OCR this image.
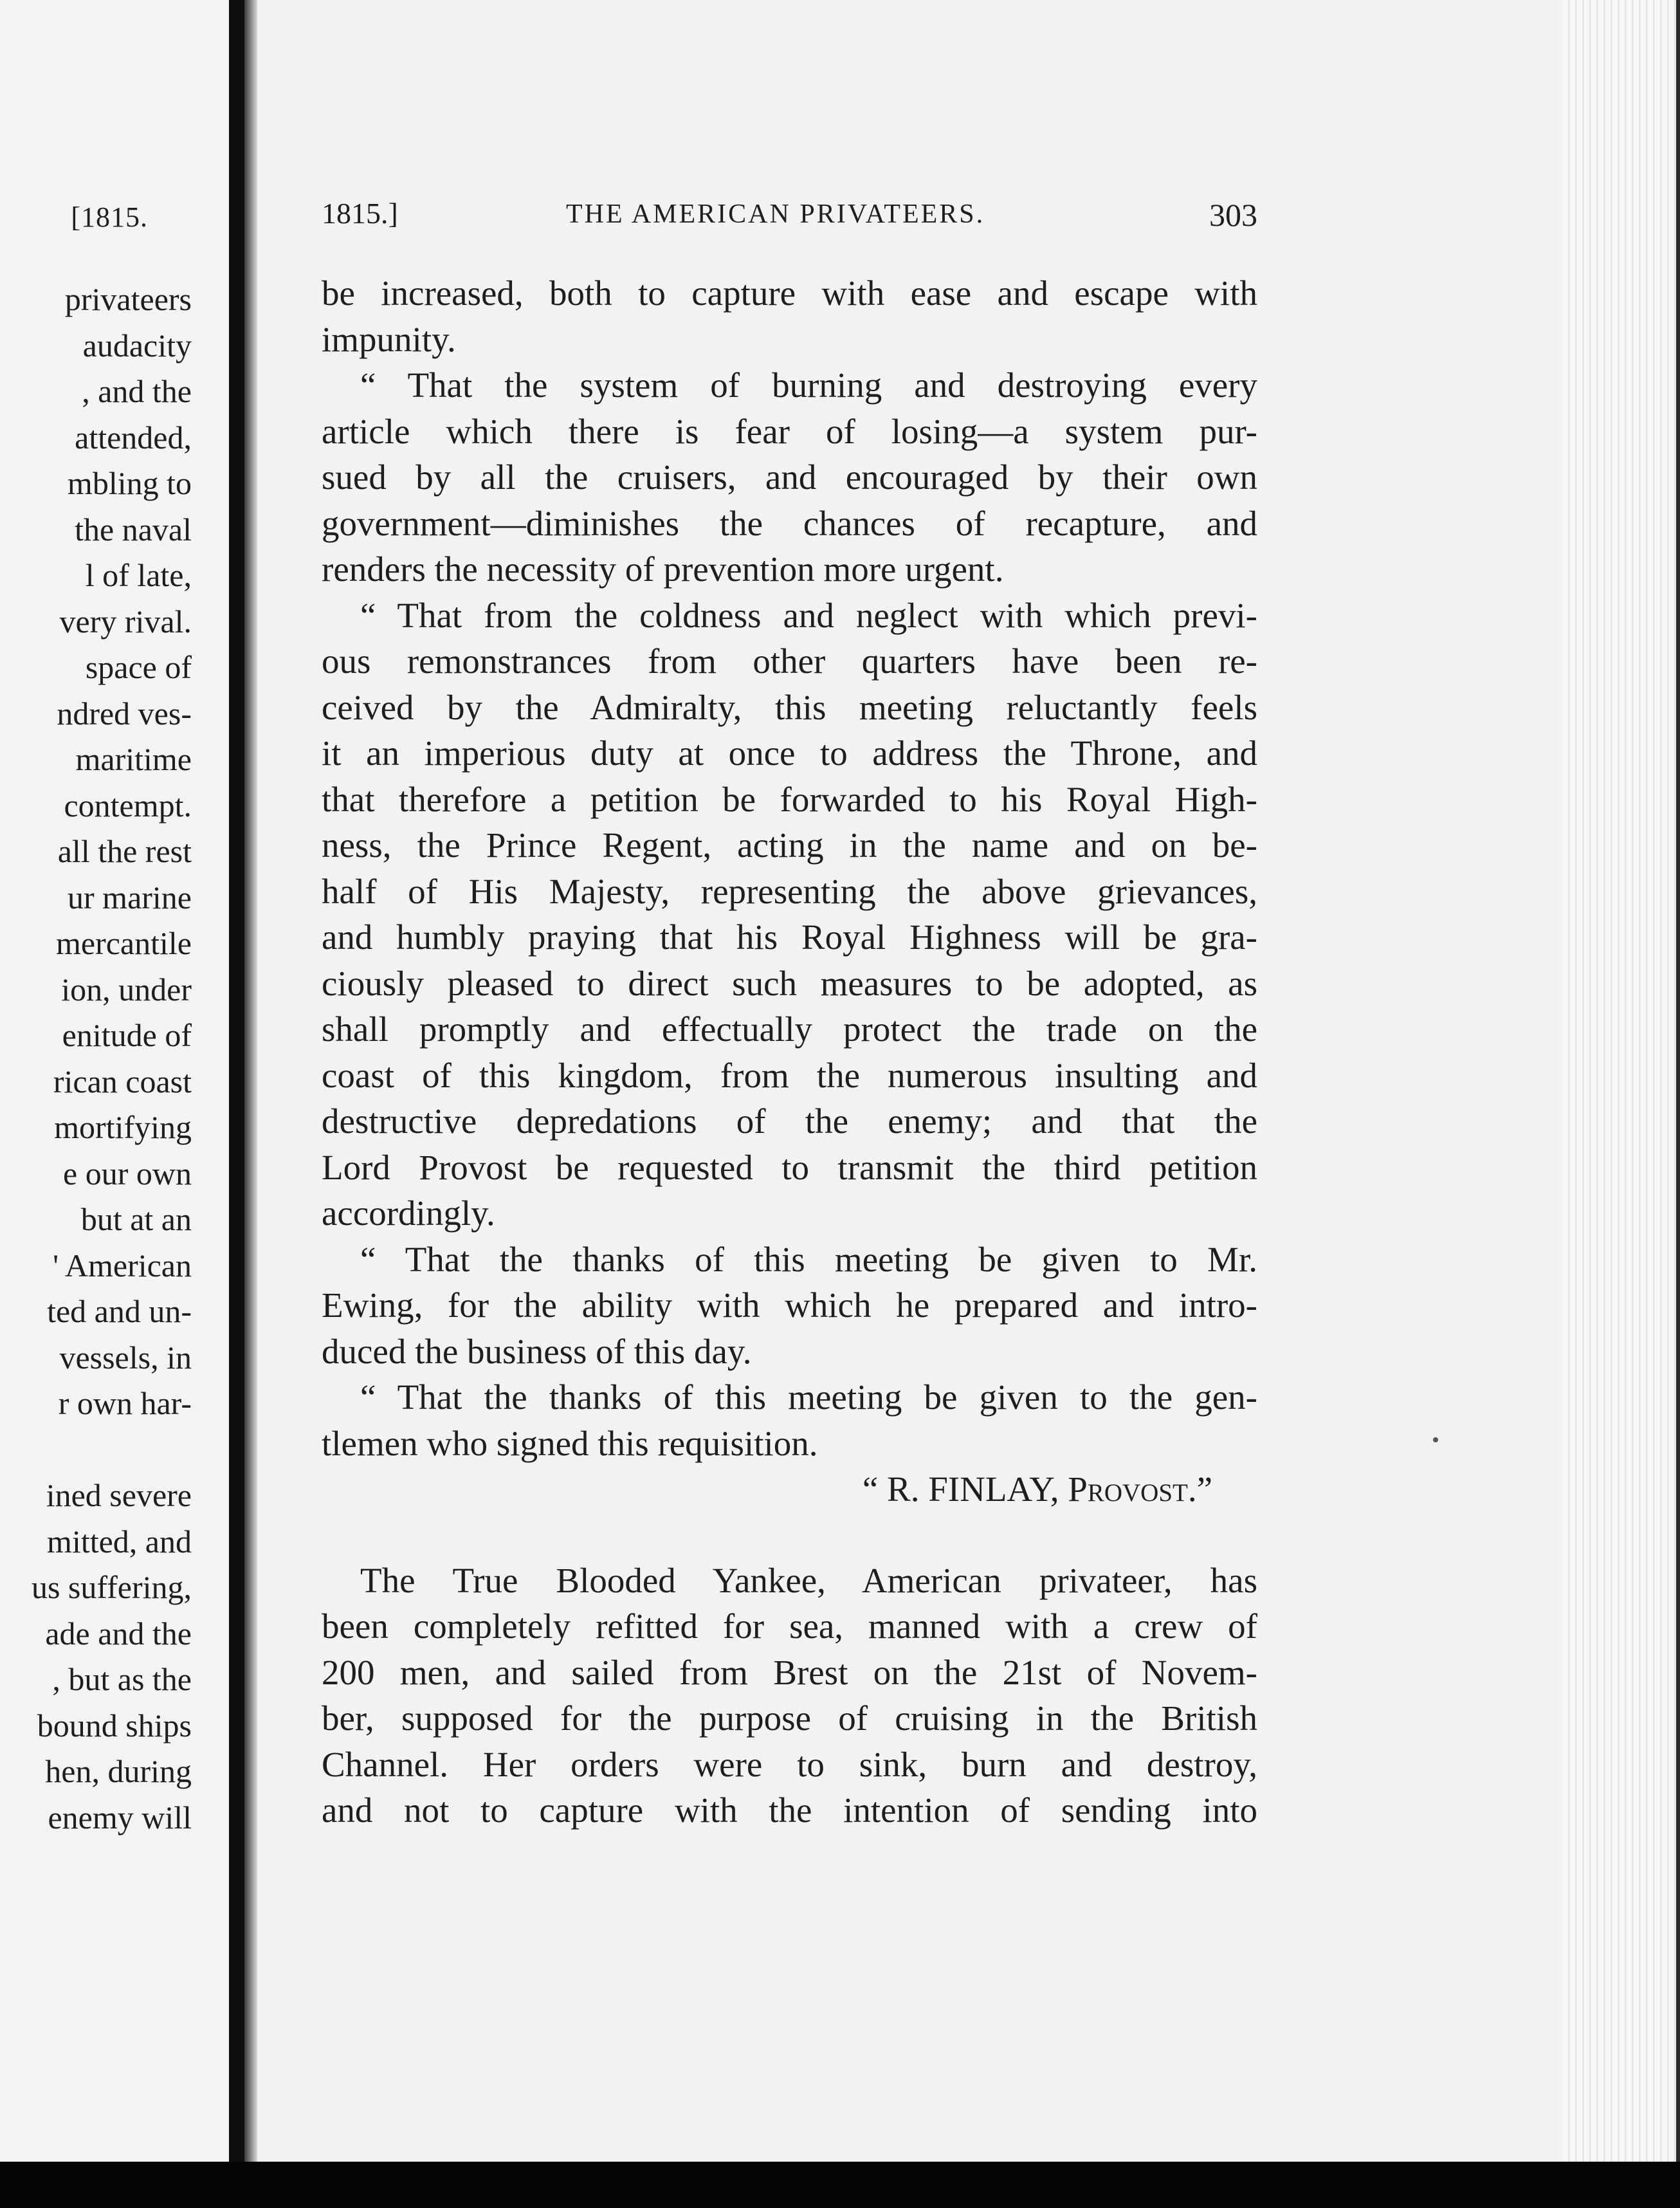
[1815.
privateers
audacity
, and the
attended,
mbling to
the naval
l of late,
very rival.
space of
ndred ves-
maritime
contempt.
all the rest
ur marine
mercantile
ion, under
enitude of
rican coast
mortifying
e our own
but at an
' American
ted and un-
vessels, in
r own har-
ined severe
mitted, and
us suffering,
ade and the
, but as the
bound ships
hen, during
enemy will
1815.]	THE AMERICAN PRIVATEERS.	303
be increased, both to capture with ease and escape with
impunity.
“ That the system of burning and destroying every
article which there is fear of losing—a system pur-
sued by all the cruisers, and encouraged by their own
government—diminishes the chances of recapture, and
renders the necessity of prevention more urgent.
“ That from the coldness and neglect with which previ-
ous remonstrances from other quarters have been re-
ceived by the Admiralty, this meeting reluctantly feels
it an imperious duty at once to address the Throne, and
that therefore a petition be forwarded to his Royal High-
ness, the Prince Regent, acting in the name and on be-
half of His Majesty, representing the above grievances,
and humbly praying that his Royal Highness will be gra-
ciously pleased to direct such measures to be adopted, as
shall promptly and effectually protect the trade on the
coast of this kingdom, from the numerous insulting and
destructive depredations of the enemy; and that the
Lord Provost be requested to transmit the third petition
accordingly.
“ That the thanks of this meeting be given to Mr.
Ewing, for the ability with which he prepared and intro-
duced the business of this day.
“ That the thanks of this meeting be given to the gen-
tlemen who signed this requisition.
“ R. FINLAY, Provost.”
The True Blooded Yankee, American privateer, has
been completely refitted for sea, manned with a crew of
200 men, and sailed from Brest on the 21st of Novem-
ber, supposed for the purpose of cruising in the British
Channel. Her orders were to sink, burn and destroy,
and not to capture with the intention of sending into
